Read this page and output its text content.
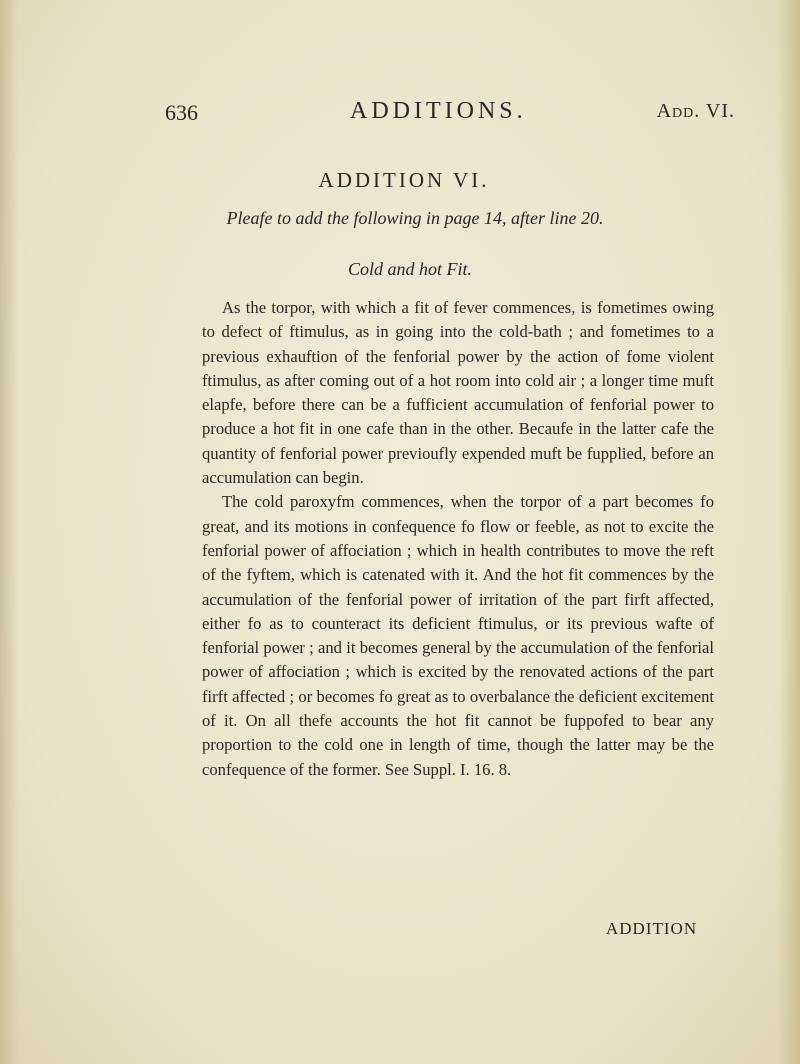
636	ADDITIONS.	Add. VI.
ADDITION VI.
Pleafe to add the following in page 14, after line 20.
Cold and hot Fit.

As the torpor, with which a fit of fever commences, is fometimes owing to defect of ftimulus, as in going into the cold-bath ; and fometimes to a previous exhauftion of the fenforial power by the action of fome violent ftimulus, as after coming out of a hot room into cold air ; a longer time muft elapfe, before there can be a fufficient accumulation of fenforial power to produce a hot fit in one cafe than in the other. Becaufe in the latter cafe the quantity of fenforial power previoufly expended muft be fupplied, before an accumulation can begin.

The cold paroxyfm commences, when the torpor of a part becomes fo great, and its motions in confequence fo flow or feeble, as not to excite the fenforial power of affociation ; which in health contributes to move the reft of the fyftem, which is catenated with it. And the hot fit commences by the accumulation of the fenforial power of irritation of the part firft affected, either fo as to counteract its deficient ftimulus, or its previous wafte of fenforial power ; and it becomes general by the accumulation of the fenforial power of affociation ; which is excited by the renovated actions of the part firft affected ; or becomes fo great as to overbalance the deficient excitement of it. On all thefe accounts the hot fit cannot be fuppofed to bear any proportion to the cold one in length of time, though the latter may be the confequence of the former. See Suppl. I. 16. 8.

ADDITION
